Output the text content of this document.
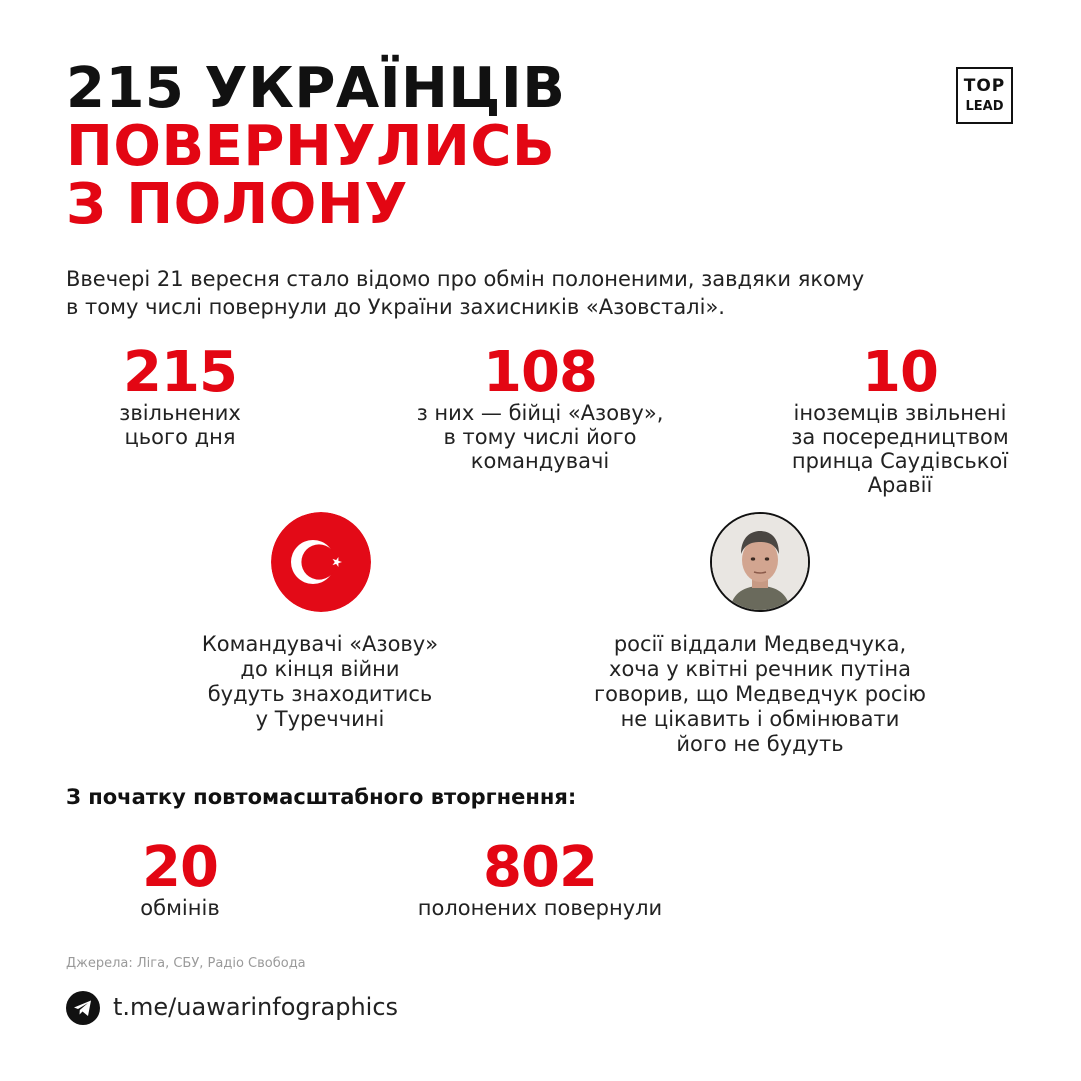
215 УКРАЇНЦІВ
ПОВЕРНУЛИСЬ
З ПОЛОНУ
TOP
LEAD
Ввечері 21 вересня стало відомо про обмін полоненими, завдяки якому
в тому числі повернули до України захисників «Азовсталі».
215
звільнених
цього дня
108
з них — бійці «Азову»,
в тому числі його
командувачі
10
іноземців звільнені
за посередництвом
принца Саудівської
Аравії
Командувачі «Азову»
до кінця війни
будуть знаходитись
у Туреччині
росії віддали Медведчука,
хоча у квітні речник путіна
говорив, що Медведчук росію
не цікавить і обмінювати
його не будуть
З початку повтомасштабного вторгнення:
20
обмінів
802
полонених повернули
Джерела: Ліга, СБУ, Радіо Свобода
t.me/uawarinfographics
